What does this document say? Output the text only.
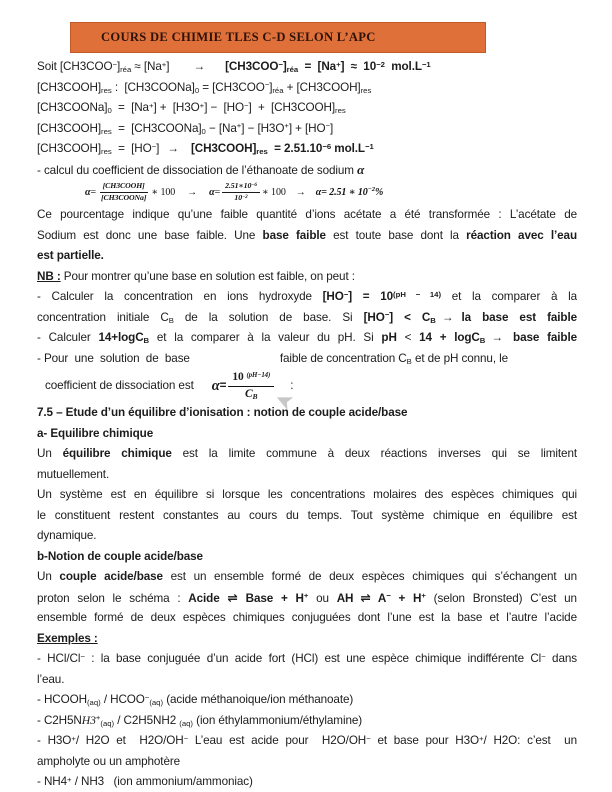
COURS DE CHIMIE TLES C-D SELON L’APC
Soit [CH3COO−]réa ≈ [Na+] → [CH3COO−]réa  =  $[Na^+] \approx 10^{-2}$  $mol.L^{-1}$
[CH3COOH]res :  [CH3COONa]0 = [CH3COO−]réa + [CH3COOH]res
[CH3COONa]0  =  [Na+] +  [H3O+] −  [HO−]  +  [CH3COOH]res
[CH3COOH]res  =  [CH3COONa]0 − [Na+] − [H3O+] + [HO−]
[CH3COOH]res  =  [HO−] → [CH3COOH]res  = $2.51.10^{-6}$ $mol.L^{-1}$
- calcul du coefficient de dissociation de l’éthanoate de sodium α
$\alpha = \frac{\text{[CH3COOH]}}{\text{[CH3COONa]}}$ ∗ $100 \to \alpha = \frac{2.51∗10^{-6}}{10^{-2}}$ ∗ 100 → α = 2.51 ∗ 10 −2 %
Ce pourcentage indique qu’une faible quantité d’ions acétate a été transformée : L’acétate de
Sodium est donc une base faible. Une base faible est toute base dont la réaction avec l’eau
est partielle.
NB : Pour montrer qu’une base en solution est faible, on peut :
- Calculer la concentration en ions hydroxyde $[HO^-] = 10^{(pH - 14)}$ et la comparer à la
concentration initiale CB de la solution de base. Si [HO−] < CB → la base est faible
- Calculer 14+logCB et la comparer à la valeur du pH. Si pH < 14 + logCB → base faible
- Pour  une  solution  de  base	faible de concentration CB et de pH connu, le
coefficient de dissociation est $\alpha = \frac{10 ^{(pH-14)}}{CB}$
➤ :
7.5 – Etude d’un équilibre d’ionisation : notion de couple acide/base
a- Equilibre chimique
Un équilibre chimique est la limite commune à deux réactions inverses qui se limitent
mutuellement.
Un système est en équilibre si lorsque les concentrations molaires des espèces chimiques qui
le constituent restent constantes au cours du temps. Tout système chimique en équilibre est
dynamique.
b-Notion de couple acide/base
Un couple acide/base est un ensemble formé de deux espèces chimiques qui s’échangent un
proton selon le schéma : Acide ⇌ Base + H+ ou AH ⇌ A− + H+ (selon Bronsted) C’est un
ensemble formé de deux espèces chimiques conjuguées dont l’une est la base et l’autre l’acide
Exemples :
- HCl/Cl− : la base conjuguée d’un acide fort (HCl) est une espèce chimique indifférente Cl− dans
l’eau.
- HCOOH(aq) / HCOO−(aq) (acide méthanoique/ion méthanoate)
- C2H5NH3+(aq) / C2H5NH2 (aq) (ion éthylammonium/éthylamine)
- H3O+/ H2O et  H2O/OH− L’eau est acide pour  H2O/OH− et base pour H3O+/ H2O: c’est  un
ampholyte ou un amphotère
- NH4+ / NH3   (ion ammonium/ammoniac)
